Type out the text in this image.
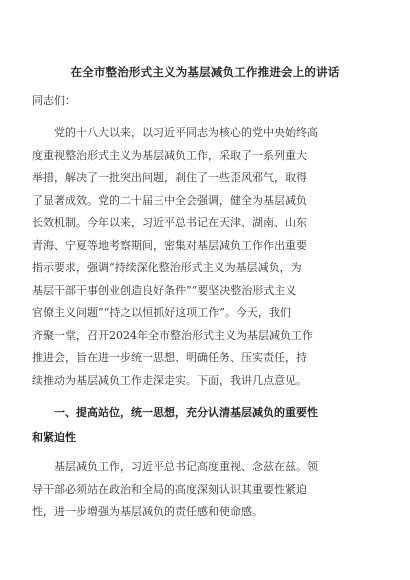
在全市整治形式主义为基层减负工作推进会上的讲话
同志们：
党的十八大以来，以习近平同志为核心的党中央始终高
度重视整治形式主义为基层减负工作，采取了一系列重大
举措，解决了一批突出问题，刹住了一些歪风邪气，取得
了显著成效。党的二十届三中全会强调，健全为基层减负
长效机制。今年以来，习近平总书记在天津、湖南、山东
青海、宁夏等地考察期间，密集对基层减负工作作出重要
指示要求，强调“持续深化整治形式主义为基层减负，为
基层干部干事创业创造良好条件”“要坚决整治形式主义
官僚主义问题”“持之以恒抓好这项工作”。今天，我们
齐聚一堂，召开2024年全市整治形式主义为基层减负工作
推进会，旨在进一步统一思想、明确任务、压实责任，持
续推动为基层减负工作走深走实。下面，我讲几点意见。
一、提高站位，统一思想，充分认清基层减负的重要性
和紧迫性
基层减负工作，习近平总书记高度重视、念兹在兹。领
导干部必须站在政治和全局的高度深刻认识其重要性紧迫
性，进一步增强为基层减负的责任感和使命感。
